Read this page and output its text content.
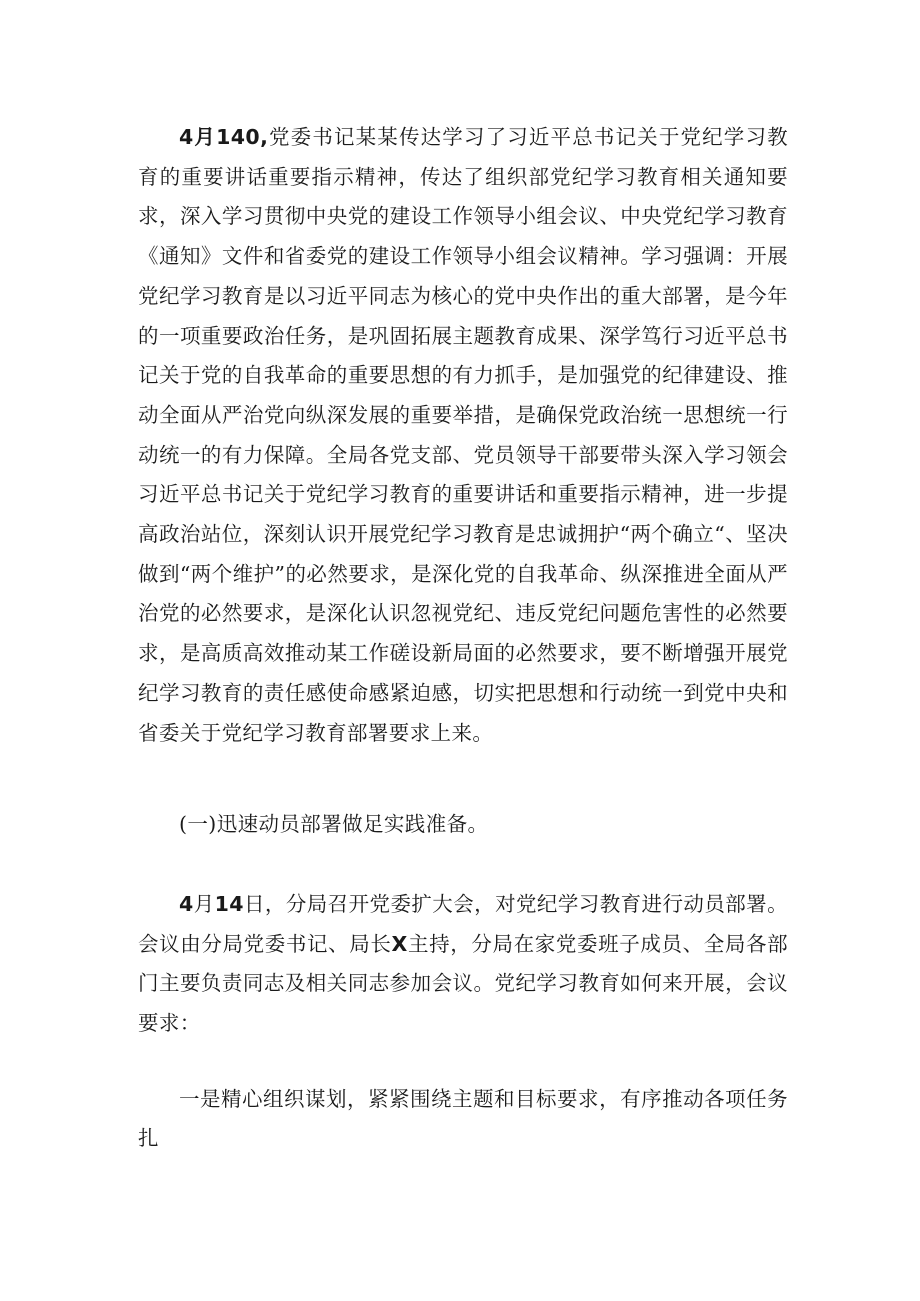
4月140,党委书记某某传达学习了习近平总书记关于党纪学习教育的重要讲话重要指示精神，传达了组织部党纪学习教育相关通知要求，深入学习贯彻中央党的建设工作领导小组会议、中央党纪学习教育《通知》文件和省委党的建设工作领导小组会议精神。学习强调：开展党纪学习教育是以习近平同志为核心的党中央作出的重大部署，是今年的一项重要政治任务，是巩固拓展主题教育成果、深学笃行习近平总书记关于党的自我革命的重要思想的有力抓手，是加强党的纪律建设、推动全面从严治党向纵深发展的重要举措，是确保党政治统一思想统一行动统一的有力保障。全局各党支部、党员领导干部要带头深入学习领会习近平总书记关于党纪学习教育的重要讲话和重要指示精神，进一步提高政治站位，深刻认识开展党纪学习教育是忠诚拥护“两个确立“、坚决做到“两个维护”的必然要求，是深化党的自我革命、纵深推进全面从严治党的必然要求，是深化认识忽视党纪、违反党纪问题危害性的必然要求，是高质高效推动某工作磋设新局面的必然要求，要不断增强开展党纪学习教育的责任感使命感紧迫感，切实把思想和行动统一到党中央和省委关于党纪学习教育部署要求上来。

(一)迅速动员部署做足实践准备。

4月14日，分局召开党委扩大会，对党纪学习教育进行动员部署。会议由分局党委书记、局长X主持，分局在家党委班子成员、全局各部门主要负责同志及相关同志参加会议。党纪学习教育如何来开展，会议要求：

一是精心组织谋划，紧紧围绕主题和目标要求，有序推动各项任务扎
